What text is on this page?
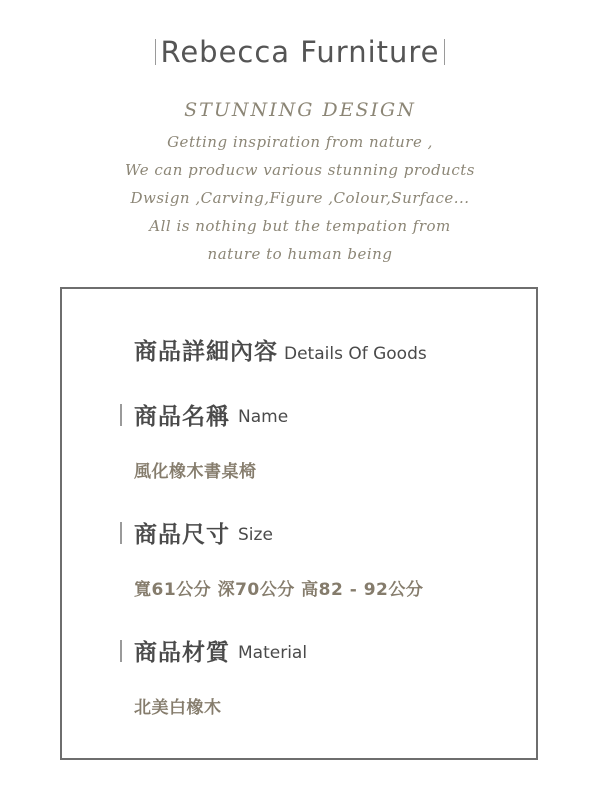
Rebecca Furniture
STUNNING DESIGN
Getting inspiration from nature ,
We can producw various stunning products
Dwsign ,Carving,Figure ,Colour,Surface...
All is nothing but the tempation from
nature to human being
商品詳細內容 Details Of Goods
商品名稱 Name
風化橡木書桌椅
商品尺寸 Size
寬61公分 深70公分 高82 - 92公分
商品材質 Material
北美白橡木
